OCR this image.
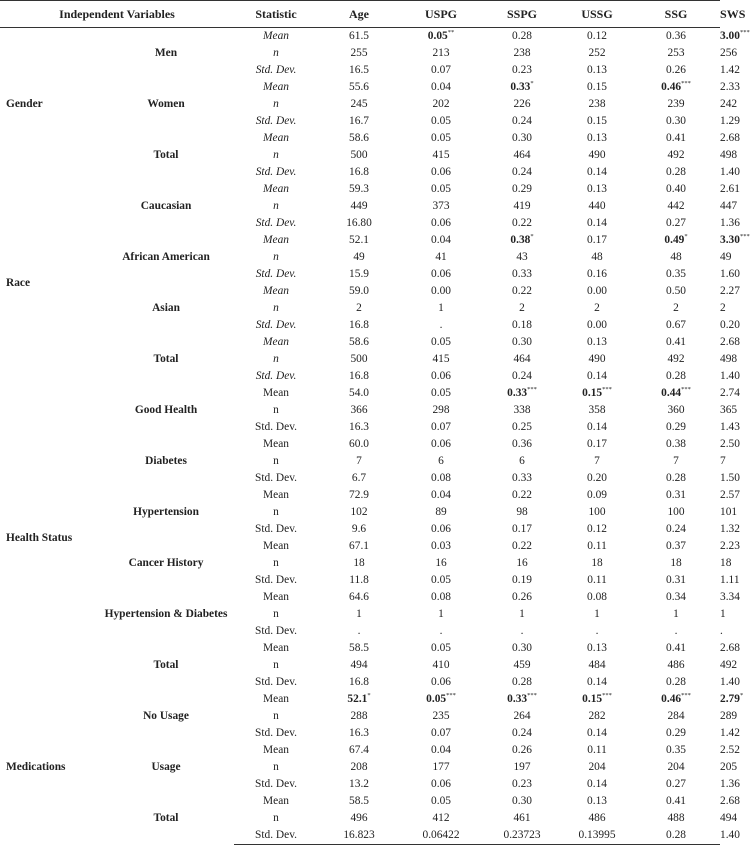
Independent Variables		Statistic	Age	USPG	SSPG	USSG	SSG	SWS
Gender	Men	Mean	61.5	0.05**	0.28	0.12	0.36	3.00***
		n	255	213	238	252	253	256
		Std. Dev.	16.5	0.07	0.23	0.13	0.26	1.42
	Women	Mean	55.6	0.04	0.33*	0.15	0.46***	2.33
		n	245	202	226	238	239	242
		Std. Dev.	16.7	0.05	0.24	0.15	0.30	1.29
	Total	Mean	58.6	0.05	0.30	0.13	0.41	2.68
		n	500	415	464	490	492	498
		Std. Dev.	16.8	0.06	0.24	0.14	0.28	1.40
Race	Caucasian	Mean	59.3	0.05	0.29	0.13	0.40	2.61
		n	449	373	419	440	442	447
		Std. Dev.	16.80	0.06	0.22	0.14	0.27	1.36
	African American	Mean	52.1	0.04	0.38*	0.17	0.49*	3.30***
		n	49	41	43	48	48	49
		Std. Dev.	15.9	0.06	0.33	0.16	0.35	1.60
	Asian	Mean	59.0	0.00	0.22	0.00	0.50	2.27
		n	2	1	2	2	2	2
		Std. Dev.	16.8	.	0.18	0.00	0.67	0.20
	Total	Mean	58.6	0.05	0.30	0.13	0.41	2.68
		n	500	415	464	490	492	498
		Std. Dev.	16.8	0.06	0.24	0.14	0.28	1.40
Health Status	Good Health	Mean	54.0	0.05	0.33***	0.15***	0.44***	2.74
		n	366	298	338	358	360	365
		Std. Dev.	16.3	0.07	0.25	0.14	0.29	1.43
	Diabetes	Mean	60.0	0.06	0.36	0.17	0.38	2.50
		n	7	6	6	7	7	7
		Std. Dev.	6.7	0.08	0.33	0.20	0.28	1.50
	Hypertension	Mean	72.9	0.04	0.22	0.09	0.31	2.57
		n	102	89	98	100	100	101
		Std. Dev.	9.6	0.06	0.17	0.12	0.24	1.32
	Cancer History	Mean	67.1	0.03	0.22	0.11	0.37	2.23
		n	18	16	16	18	18	18
		Std. Dev.	11.8	0.05	0.19	0.11	0.31	1.11
	Hypertension & Diabetes	Mean	64.6	0.08	0.26	0.08	0.34	3.34
		n	1	1	1	1	1	1
		Std. Dev.	.	.	.	.	.	.
	Total	Mean	58.5	0.05	0.30	0.13	0.41	2.68
		n	494	410	459	484	486	492
		Std. Dev.	16.8	0.06	0.28	0.14	0.28	1.40
Medications	No Usage	Mean	52.1*	0.05***	0.33***	0.15***	0.46***	2.79*
		n	288	235	264	282	284	289
		Std. Dev.	16.3	0.07	0.24	0.14	0.29	1.42
	Usage	Mean	67.4	0.04	0.26	0.11	0.35	2.52
		n	208	177	197	204	204	205
		Std. Dev.	13.2	0.06	0.23	0.14	0.27	1.36
	Total	Mean	58.5	0.05	0.30	0.13	0.41	2.68
		n	496	412	461	486	488	494
		Std. Dev.	16.823	0.06422	0.23723	0.13995	0.28	1.40
